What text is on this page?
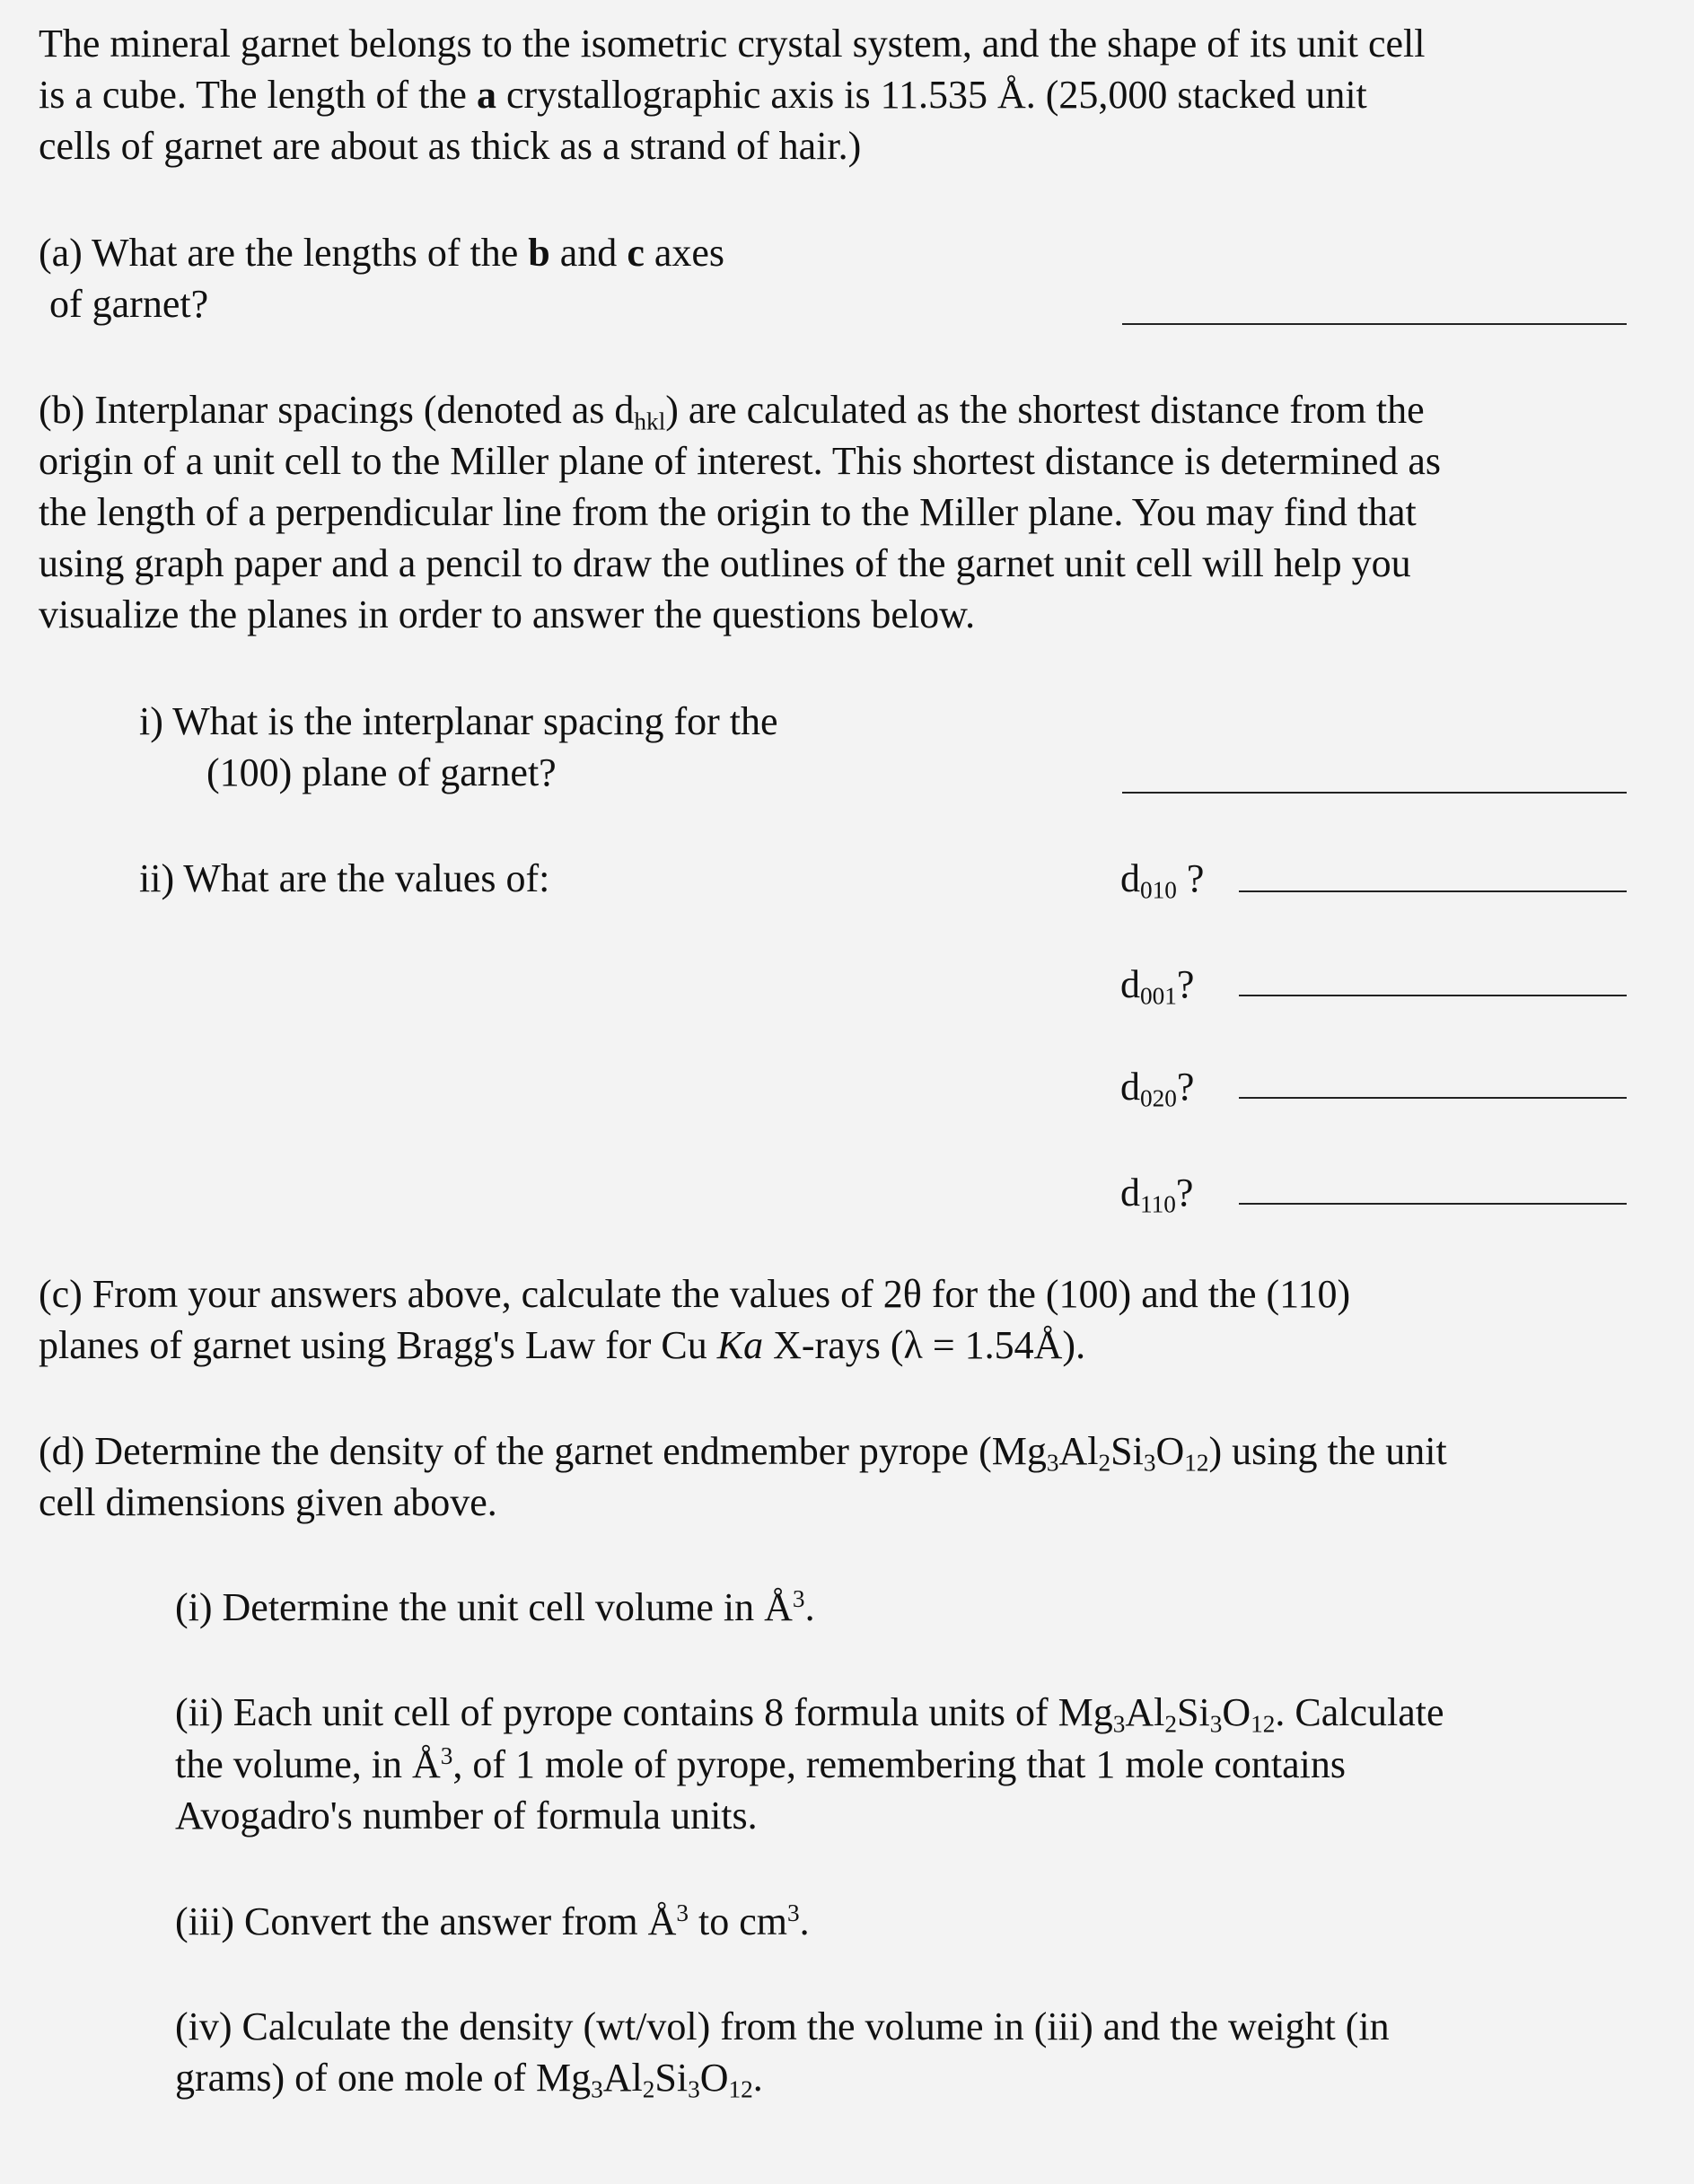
The mineral garnet belongs to the isometric crystal system, and the shape of its unit cell
is a cube. The length of the a crystallographic axis is 11.535 Å. (25,000 stacked unit
cells of garnet are about as thick as a strand of hair.)
(a) What are the lengths of the b and c axes
of garnet?
(b) Interplanar spacings (denoted as $d_{hkl}$) are calculated as the shortest distance from the
origin of a unit cell to the Miller plane of interest. This shortest distance is determined as
the length of a perpendicular line from the origin to the Miller plane. You may find that
using graph paper and a pencil to draw the outlines of the garnet unit cell will help you
visualize the planes in order to answer the questions below.
i) What is the interplanar spacing for the
(100) plane of garnet?
ii) What are the values of:	$d_{010}$ ?
$d_{001}$?
$d_{020}$?
$d_{110}$?
(c) From your answers above, calculate the values of 2θ for the (100) and the (110)
planes of garnet using Bragg's Law for Cu Ka X-rays (λ = 1.54Å).
(d) Determine the density of the garnet endmember pyrope $(Mg_3Al_2Si_3O_{12})$ using the unit
cell dimensions given above.
(i) Determine the unit cell volume in $Å^3$.
(ii) Each unit cell of pyrope contains 8 formula units of $Mg_3Al_2Si_3O_{12}$. Calculate
the volume, in $Å^3$, of 1 mole of pyrope, remembering that 1 mole contains
Avogadro's number of formula units.
(iii) Convert the answer from $Å^3$ to $cm^3$.
(iv) Calculate the density (wt/vol) from the volume in (iii) and the weight (in
grams) of one mole of $Mg_3Al_2Si_3O_{12}$.
